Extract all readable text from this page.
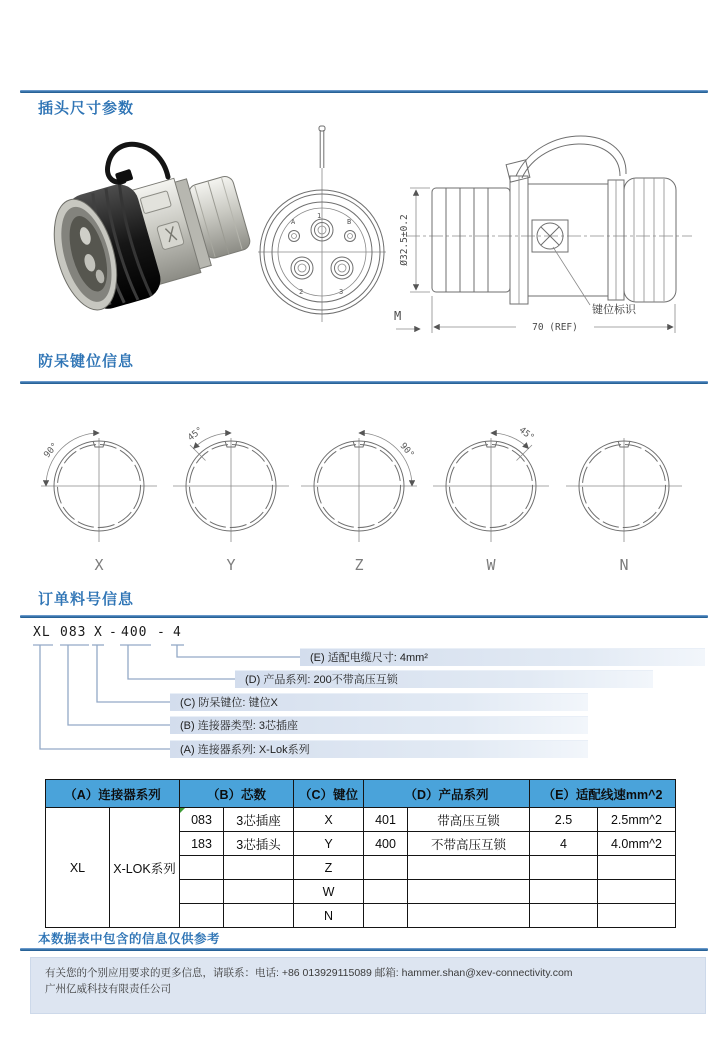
插头尺寸参数
1
A	B
2	3
Ø32.5±0.2
70 (REF)
M	键位标识
防呆键位信息
90°
X
45°
Y
90°
Z
45°
W	N
订单料号信息
XL 083 X - 400 - 4
(E) 适配电缆尺寸: 4mm²
(D) 产品系列: 200不带高压互锁
(C) 防呆键位: 键位X
(B) 连接器类型: 3芯插座
(A) 连接器系列: X-Lok系列
（A）连接器系列		（B）芯数		（C）键位	（D）产品系列		（E）适配线速mm^2	
XL	X-LOK系列	083	3芯插座	X	401	带高压互锁	2.5	2.5mm^2
		183	3芯插头	Y	400	不带高压互锁	4	4.0mm^2
				Z				
				W				
				N				
本数据表中包含的信息仅供参考
有关您的个别应用要求的更多信息，请联系：电话: +86 013929115089 邮箱: hammer.shan@xev-connectivity.com
广州亿威科技有限责任公司
